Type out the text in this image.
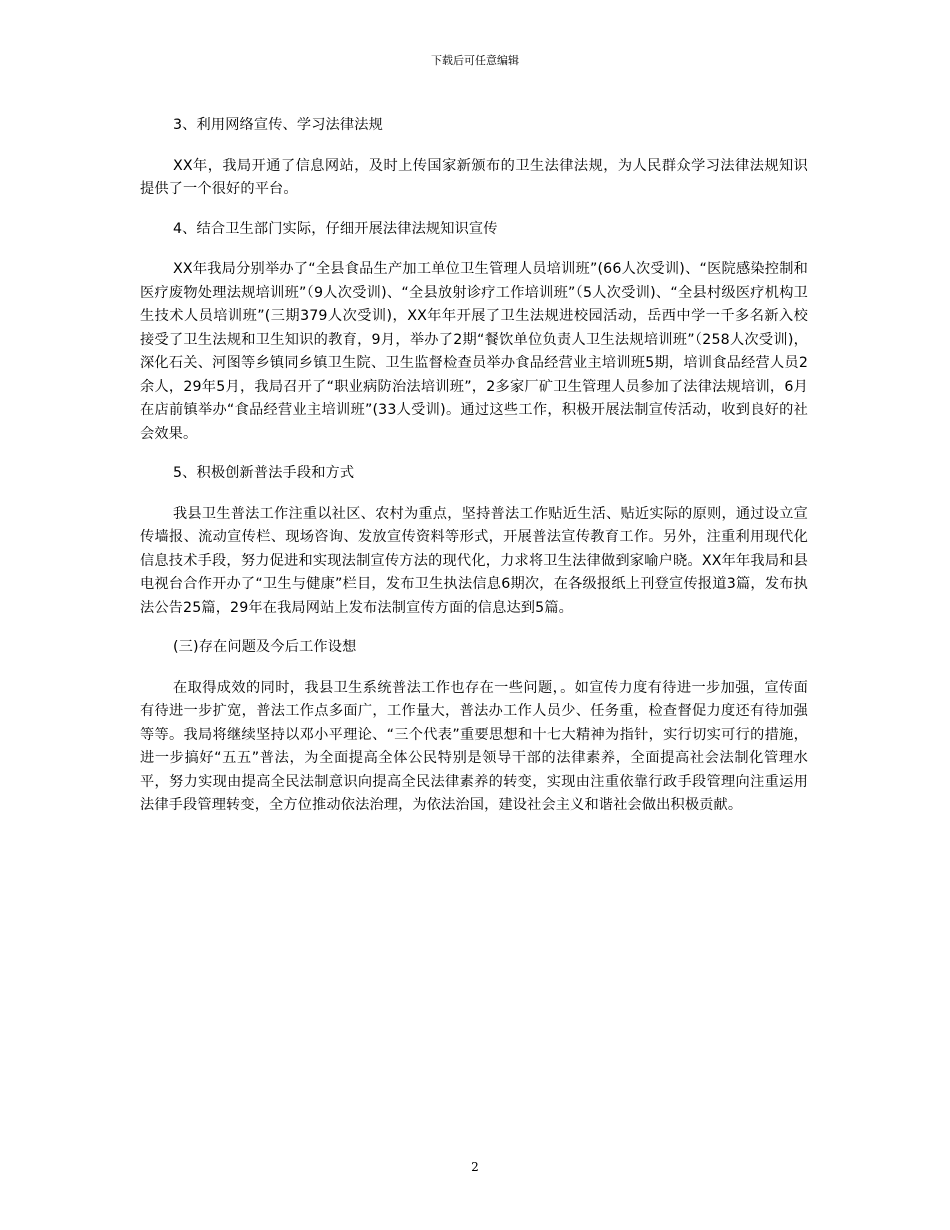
下载后可任意编辑

3、利用网络宣传、学习法律法规

XX年，我局开通了信息网站，及时上传国家新颁布的卫生法律法规，为人民群众学习法律法规知识提供了一个很好的平台。

4、结合卫生部门实际，仔细开展法律法规知识宣传

XX年我局分别举办了“全县食品生产加工单位卫生管理人员培训班”(66人次受训)、“医院感染控制和医疗废物处理法规培训班”（9人次受训)、“全县放射诊疗工作培训班”（5人次受训)、“全县村级医疗机构卫生技术人员培训班”(三期379人次受训)，XX年年开展了卫生法规进校园活动，岳西中学一千多名新入校接受了卫生法规和卫生知识的教育，9月，举办了2期“餐饮单位负责人卫生法规培训班”（258人次受训)，深化石关、河图等乡镇同乡镇卫生院、卫生监督检查员举办食品经营业主培训班5期，培训食品经营人员2余人，29年5月，我局召开了“职业病防治法培训班”，2多家厂矿卫生管理人员参加了法律法规培训，6月在店前镇举办“食品经营业主培训班”(33人受训)。通过这些工作，积极开展法制宣传活动，收到良好的社会效果。

5、积极创新普法手段和方式

我县卫生普法工作注重以社区、农村为重点，坚持普法工作贴近生活、贴近实际的原则，通过设立宣传墙报、流动宣传栏、现场咨询、发放宣传资料等形式，开展普法宣传教育工作。另外，注重利用现代化信息技术手段，努力促进和实现法制宣传方法的现代化，力求将卫生法律做到家喻户晓。XX年年我局和县电视台合作开办了“卫生与健康”栏目，发布卫生执法信息6期次，在各级报纸上刊登宣传报道3篇，发布执法公告25篇，29年在我局网站上发布法制宣传方面的信息达到5篇。

(三)存在问题及今后工作设想

在取得成效的同时，我县卫生系统普法工作也存在一些问题，。如宣传力度有待进一步加强，宣传面有待进一步扩宽，普法工作点多面广，工作量大，普法办工作人员少、任务重，检查督促力度还有待加强等等。我局将继续坚持以邓小平理论、“三个代表”重要思想和十七大精神为指针，实行切实可行的措施，进一步搞好“五五”普法，为全面提高全体公民特别是领导干部的法律素养，全面提高社会法制化管理水平，努力实现由提高全民法制意识向提高全民法律素养的转变，实现由注重依靠行政手段管理向注重运用法律手段管理转变，全方位推动依法治理，为依法治国，建设社会主义和谐社会做出积极贡献。

2
